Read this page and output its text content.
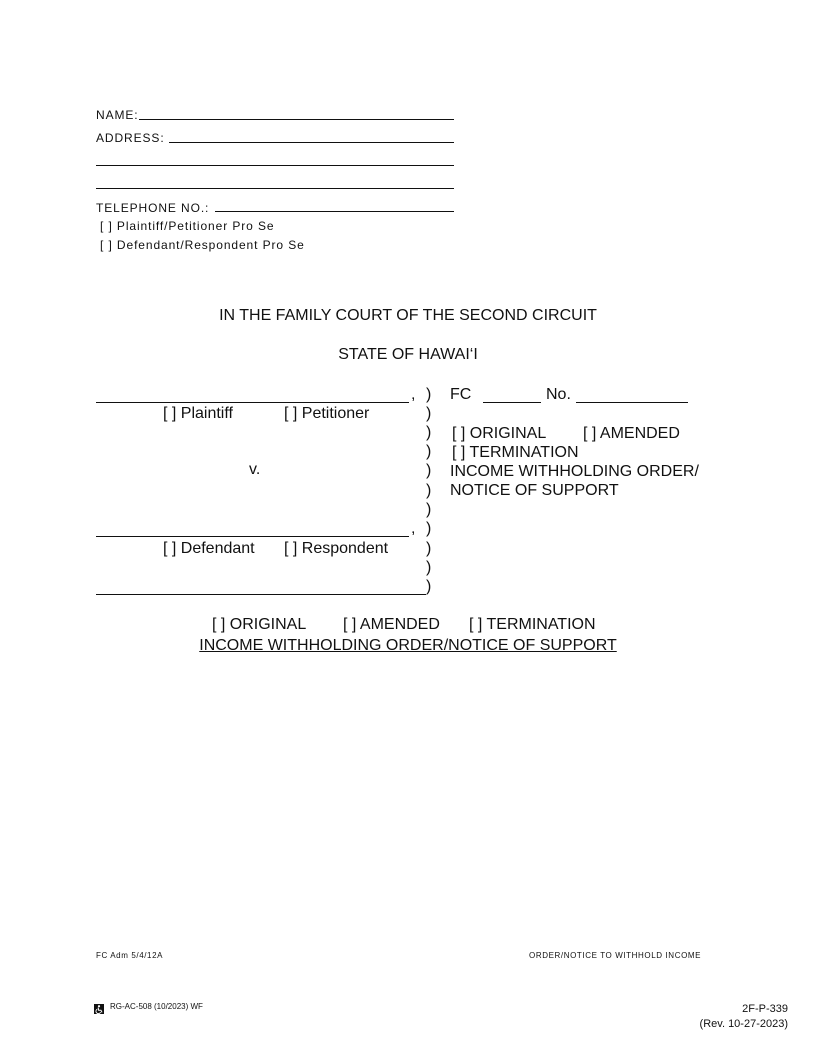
NAME:
ADDRESS:
TELEPHONE NO.:
[ ] Plaintiff/Petitioner Pro Se
[ ] Defendant/Respondent Pro Se
IN THE FAMILY COURT OF THE SECOND CIRCUIT
STATE OF HAWAI‘I
,
[ ] Plaintiff	[ ] Petitioner
v.
,
[ ] Defendant [ ] Respondent
)
)
)
)
)
)
)
)
)
)
)
FC	No.
[ ] ORIGINAL [ ] AMENDED
[ ] TERMINATION
INCOME WITHHOLDING ORDER/
NOTICE OF SUPPORT
[ ] ORIGINAL [ ] AMENDED [ ] TERMINATION
INCOME WITHHOLDING ORDER/NOTICE OF SUPPORT
FC Adm 5/4/12A	ORDER/NOTICE TO WITHHOLD INCOME
RG-AC-508 (10/2023) WF	2F-P-339
(Rev. 10-27-2023)
